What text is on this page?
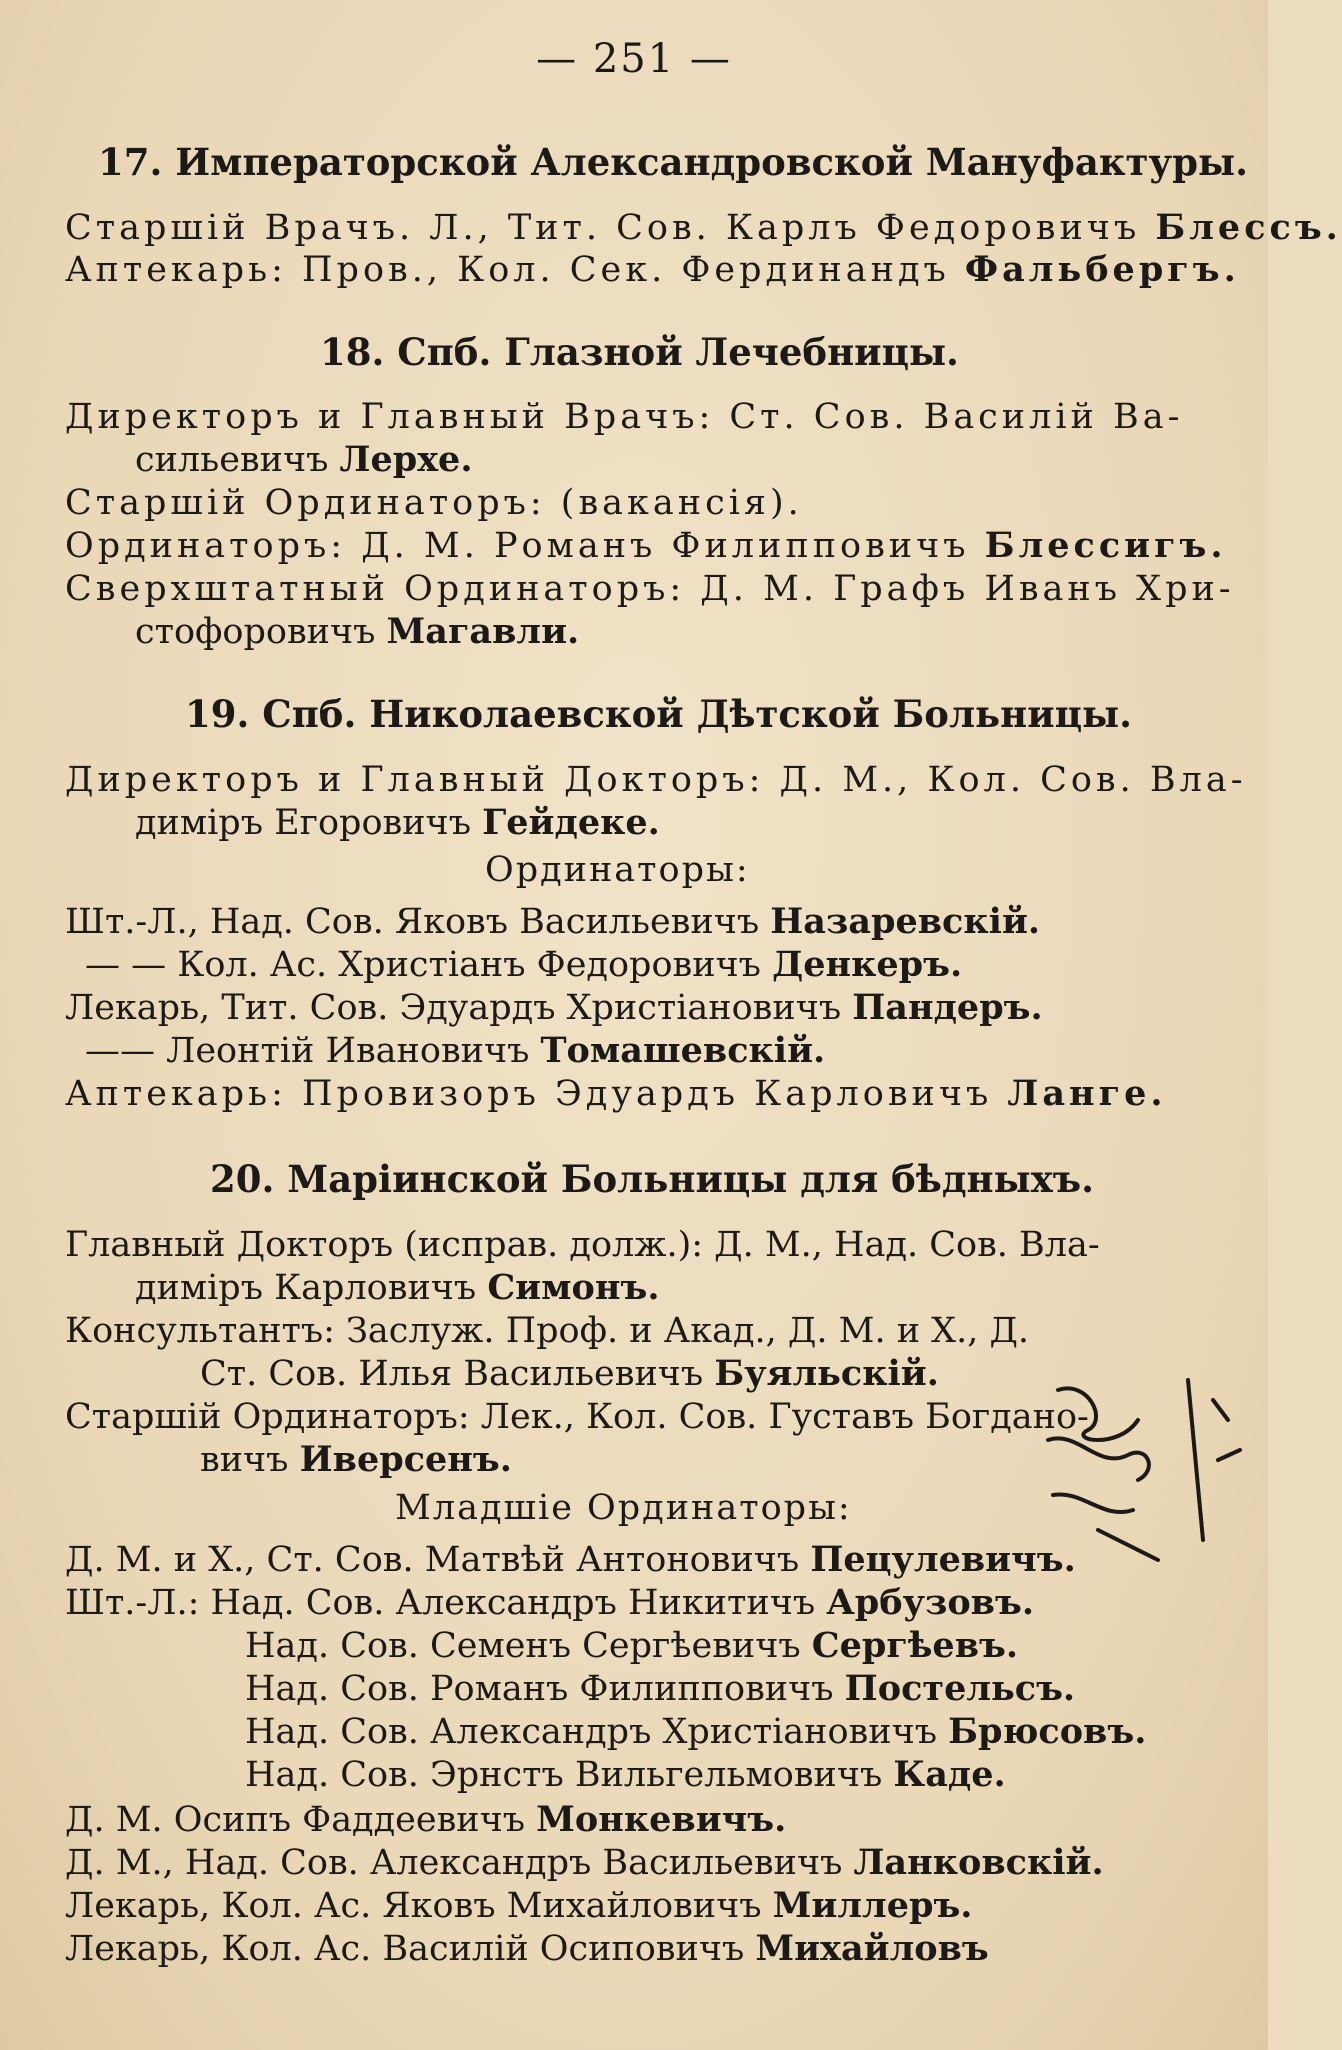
— 251 —
17. Императорской Александровской Мануфактуры.
Старшій Врачъ. Л., Тит. Сов. Карлъ Федоровичъ Блессъ.
Аптекарь: Пров., Кол. Сек. Фердинандъ Фальбергъ.
18. Спб. Глазной Лечебницы.
Директоръ и Главный Врачъ: Ст. Сов. Василій Ва-
сильевичъ Лерхе.
Старшій Ординаторъ: (вакансія).
Ординаторъ: Д. М. Романъ Филипповичъ Блессигъ.
Сверхштатный Ординаторъ: Д. М. Графъ Иванъ Хри-
стофоровичъ Магавли.
19. Спб. Николаевской Дѣтской Больницы.
Директоръ и Главный Докторъ: Д. М., Кол. Сов. Вла-
диміръ Егоровичъ Гейдеке.
Ординаторы:
Шт.-Л., Над. Сов. Яковъ Васильевичъ Назаревскій.
— — Кол. Ас. Христіанъ Федоровичъ Денкеръ.
Лекарь, Тит. Сов. Эдуардъ Христіановичъ Пандеръ.
—— Леонтій Ивановичъ Томашевскій.
Аптекарь: Провизоръ Эдуардъ Карловичъ Ланге.
20. Маріинской Больницы для бѣдныхъ.
Главный Докторъ (исправ. долж.): Д. М., Над. Сов. Вла-
диміръ Карловичъ Симонъ.
Консультантъ: Заслуж. Проф. и Акад., Д. М. и Х., Д.
Ст. Сов. Илья Васильевичъ Буяльскій.
Старшій Ординаторъ: Лек., Кол. Сов. Густавъ Богдано-
вичъ Иверсенъ.
Младшіе Ординаторы:
Д. М. и Х., Ст. Сов. Матвѣй Антоновичъ Пецулевичъ.
Шт.-Л.: Над. Сов. Александръ Никитичъ Арбузовъ.
Над. Сов. Семенъ Сергѣевичъ Сергѣевъ.
Над. Сов. Романъ Филипповичъ Постельсъ.
Над. Сов. Александръ Христіановичъ Брюсовъ.
Над. Сов. Эрнстъ Вильгельмовичъ Каде.
Д. М. Осипъ Фаддеевичъ Монкевичъ.
Д. М., Над. Сов. Александръ Васильевичъ Ланковскій.
Лекарь, Кол. Ас. Яковъ Михайловичъ Миллеръ.
Лекарь, Кол. Ас. Василій Осиповичъ Михайловъ
